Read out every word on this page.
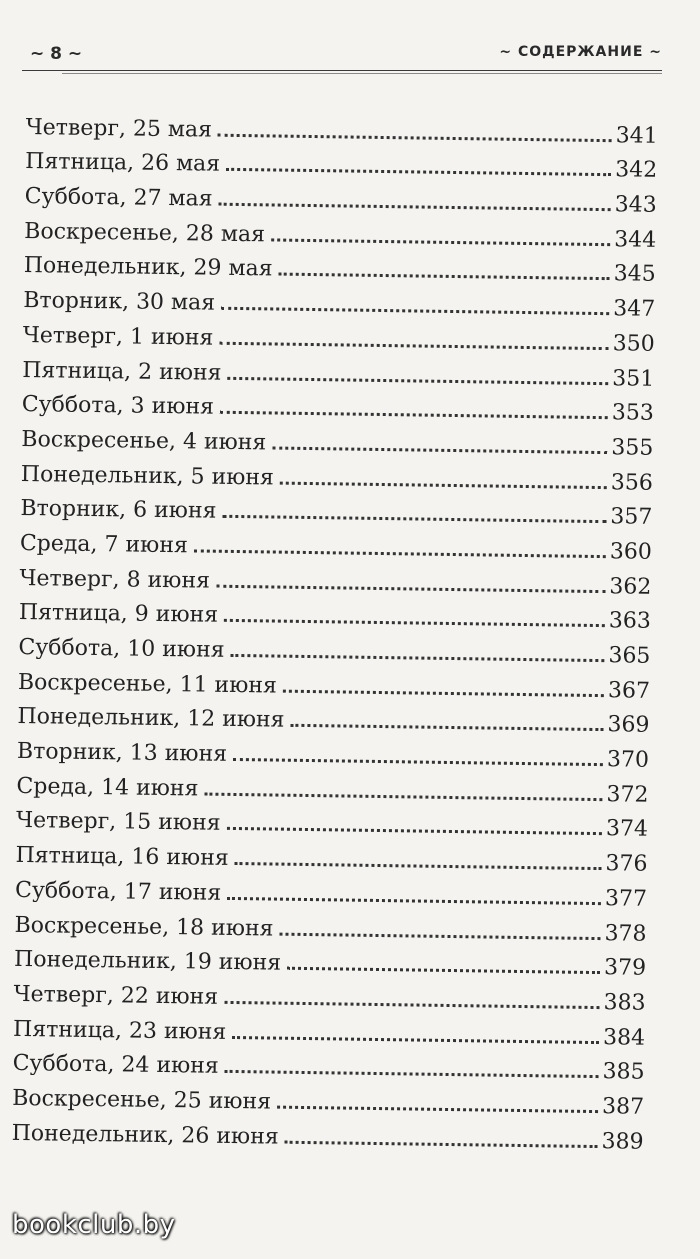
~ 8 ~	~ СОДЕРЖАНИЕ ~
Четверг, 25 мая	341
Пятница, 26 мая	342
Суббота, 27 мая	343
Воскресенье, 28 мая	344
Понедельник, 29 мая	345
Вторник, 30 мая	347
Четверг, 1 июня	350
Пятница, 2 июня	351
Суббота, 3 июня	353
Воскресенье, 4 июня	355
Понедельник, 5 июня	356
Вторник, 6 июня	357
Среда, 7 июня	360
Четверг, 8 июня	362
Пятница, 9 июня	363
Суббота, 10 июня	365
Воскресенье, 11 июня	367
Понедельник, 12 июня	369
Вторник, 13 июня	370
Среда, 14 июня	372
Четверг, 15 июня	374
Пятница, 16 июня	376
Суббота, 17 июня	377
Воскресенье, 18 июня	378
Понедельник, 19 июня	379
Четверг, 22 июня	383
Пятница, 23 июня	384
Суббота, 24 июня	385
Воскресенье, 25 июня	387
Понедельник, 26 июня	389
bookclub.by
